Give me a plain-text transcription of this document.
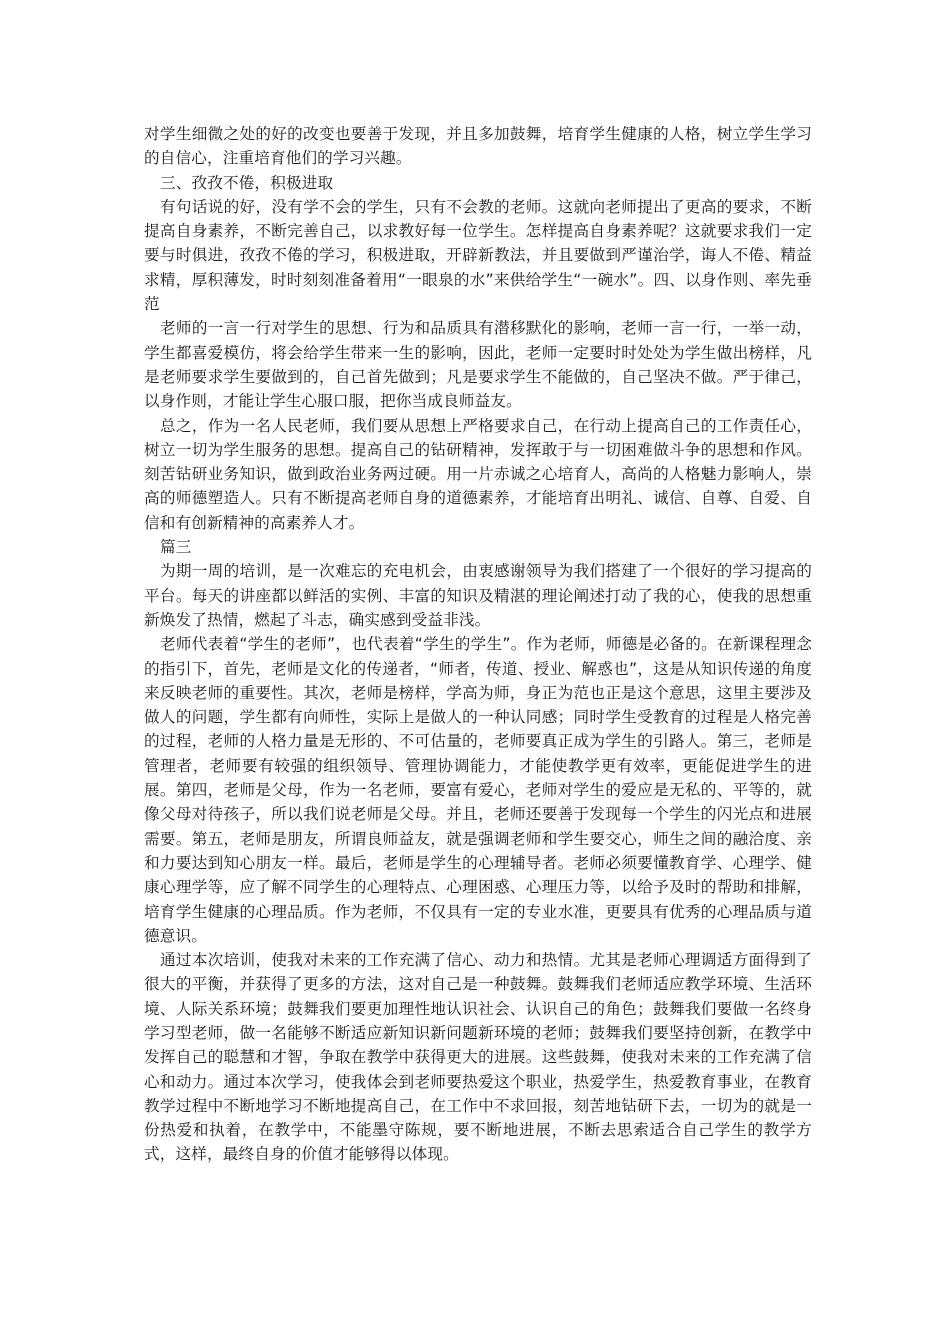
对学生细微之处的好的改变也要善于发现，并且多加鼓舞，培育学生健康的人格，树立学生学习的自信心，注重培育他们的学习兴趣。

三、孜孜不倦，积极进取

有句话说的好，没有学不会的学生，只有不会教的老师。这就向老师提出了更高的要求，不断提高自身素养，不断完善自己，以求教好每一位学生。怎样提高自身素养呢？这就要求我们一定要与时俱进，孜孜不倦的学习，积极进取，开辟新教法，并且要做到严谨治学，诲人不倦、精益求精，厚积薄发，时时刻刻准备着用“一眼泉的水”来供给学生“一碗水”。四、以身作则、率先垂范

老师的一言一行对学生的思想、行为和品质具有潜移默化的影响，老师一言一行，一举一动，学生都喜爱模仿，将会给学生带来一生的影响，因此，老师一定要时时处处为学生做出榜样，凡是老师要求学生要做到的，自己首先做到；凡是要求学生不能做的，自己坚决不做。严于律己，以身作则，才能让学生心服口服，把你当成良师益友。

总之，作为一名人民老师，我们要从思想上严格要求自己，在行动上提高自己的工作责任心，树立一切为学生服务的思想。提高自己的钻研精神，发挥敢于与一切困难做斗争的思想和作风。刻苦钻研业务知识，做到政治业务两过硬。用一片赤诚之心培育人，高尚的人格魅力影响人，崇高的师德塑造人。只有不断提高老师自身的道德素养，才能培育出明礼、诚信、自尊、自爱、自信和有创新精神的高素养人才。

篇三

为期一周的培训，是一次难忘的充电机会，由衷感谢领导为我们搭建了一个很好的学习提高的平台。每天的讲座都以鲜活的实例、丰富的知识及精湛的理论阐述打动了我的心，使我的思想重新焕发了热情，燃起了斗志，确实感到受益非浅。

老师代表着“学生的老师”，也代表着“学生的学生”。作为老师，师德是必备的。在新课程理念的指引下，首先，老师是文化的传递者，“师者，传道、授业、解惑也”，这是从知识传递的角度来反映老师的重要性。其次，老师是榜样，学高为师，身正为范也正是这个意思，这里主要涉及做人的问题，学生都有向师性，实际上是做人的一种认同感；同时学生受教育的过程是人格完善的过程，老师的人格力量是无形的、不可估量的，老师要真正成为学生的引路人。第三，老师是管理者，老师要有较强的组织领导、管理协调能力，才能使教学更有效率，更能促进学生的进展。第四，老师是父母，作为一名老师，要富有爱心，老师对学生的爱应是无私的、平等的，就像父母对待孩子，所以我们说老师是父母。并且，老师还要善于发现每一个学生的闪光点和进展需要。第五，老师是朋友，所谓良师益友，就是强调老师和学生要交心，师生之间的融洽度、亲和力要达到知心朋友一样。最后，老师是学生的心理辅导者。老师必须要懂教育学、心理学、健康心理学等，应了解不同学生的心理特点、心理困惑、心理压力等，以给予及时的帮助和排解，培育学生健康的心理品质。作为老师，不仅具有一定的专业水准，更要具有优秀的心理品质与道德意识。

通过本次培训，使我对未来的工作充满了信心、动力和热情。尤其是老师心理调适方面得到了很大的平衡，并获得了更多的方法，这对自己是一种鼓舞。鼓舞我们老师适应教学环境、生活环境、人际关系环境；鼓舞我们要更加理性地认识社会、认识自己的角色；鼓舞我们要做一名终身学习型老师，做一名能够不断适应新知识新问题新环境的老师；鼓舞我们要坚持创新，在教学中发挥自己的聪慧和才智，争取在教学中获得更大的进展。这些鼓舞，使我对未来的工作充满了信心和动力。通过本次学习，使我体会到老师要热爱这个职业，热爱学生，热爱教育事业，在教育教学过程中不断地学习不断地提高自己，在工作中不求回报，刻苦地钻研下去，一切为的就是一份热爱和执着，在教学中，不能墨守陈规，要不断地进展，不断去思索适合自己学生的教学方式，这样，最终自身的价值才能够得以体现。
